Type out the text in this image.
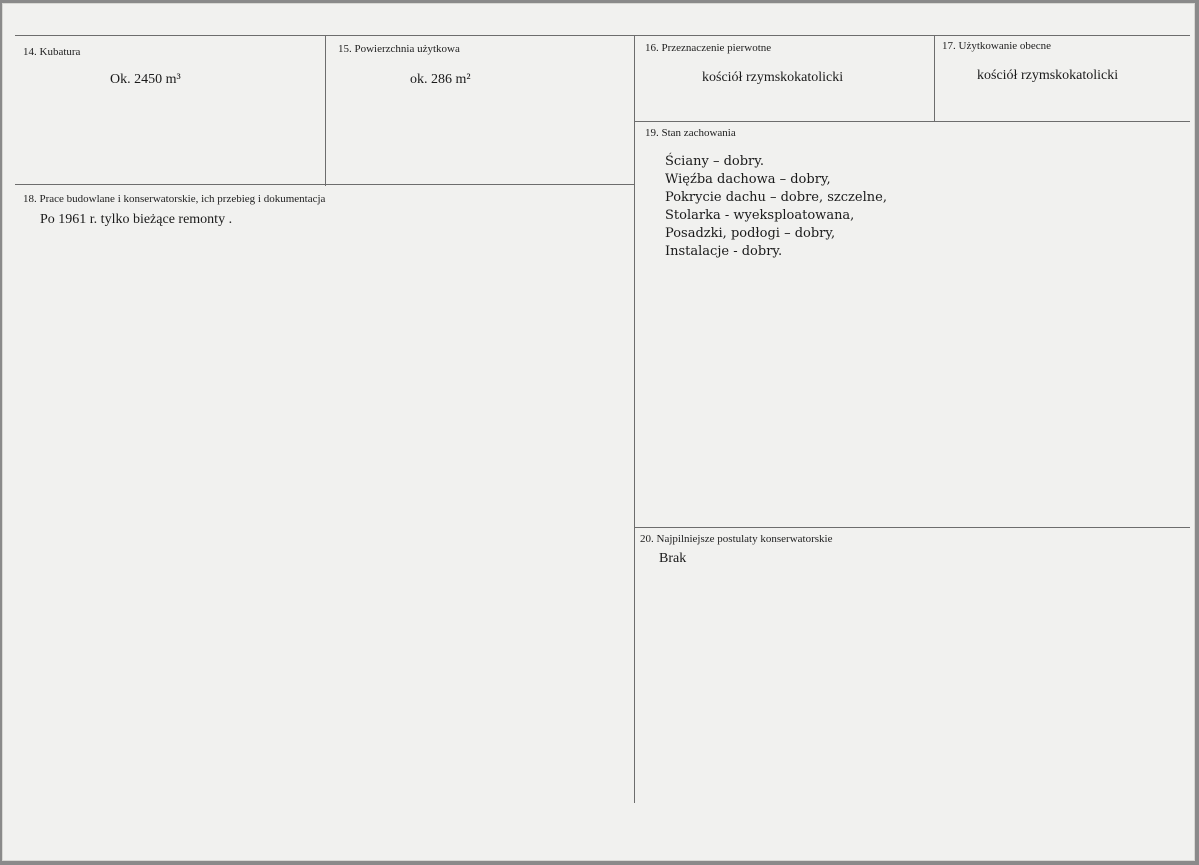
14. Kubatura
Ok. 2450 m³
15. Powierzchnia użytkowa
ok. 286 m²
16. Przeznaczenie pierwotne
kościół rzymskokatolicki
17. Użytkowanie obecne
kościół rzymskokatolicki
18. Prace budowlane i konserwatorskie, ich przebieg i dokumentacja
Po 1961 r. tylko bieżące remonty .
19. Stan zachowania
Ściany – dobry.
Więźba dachowa – dobry,
Pokrycie dachu – dobre, szczelne,
Stolarka - wyeksploatowana,
Posadzki, podłogi – dobry,
Instalacje - dobry.
20. Najpilniejsze postulaty konserwatorskie
Brak
